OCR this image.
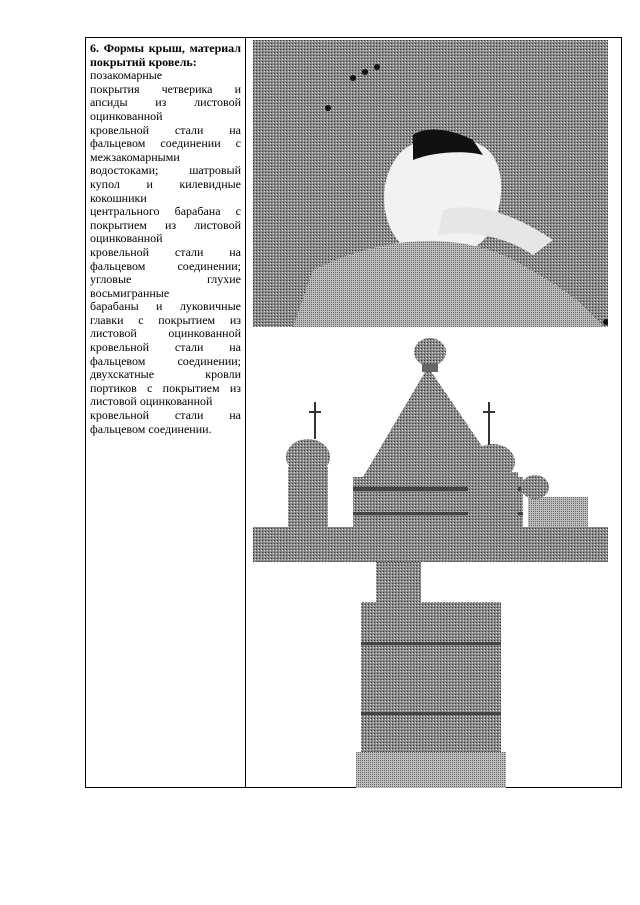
6. Формы крыш, материал покрытий кровель:

позакомарные

покрытия четверика и апсиды из листовой оцинкованной

кровельной стали на фальцевом соединении с межзакомарными

водостоками; шатровый купол и килевидные кокошники

центрального барабана с покрытием из листовой оцинкованной

кровельной стали на фальцевом соединении; угловые глухие восьмигранные

барабаны и луковичные главки с покрытием из листовой оцинкованной кровельной стали на фальцевом соединении; двухскатные кровли портиков с покрытием из листовой оцинкованной

кровельной стали на фальцевом соединении.
